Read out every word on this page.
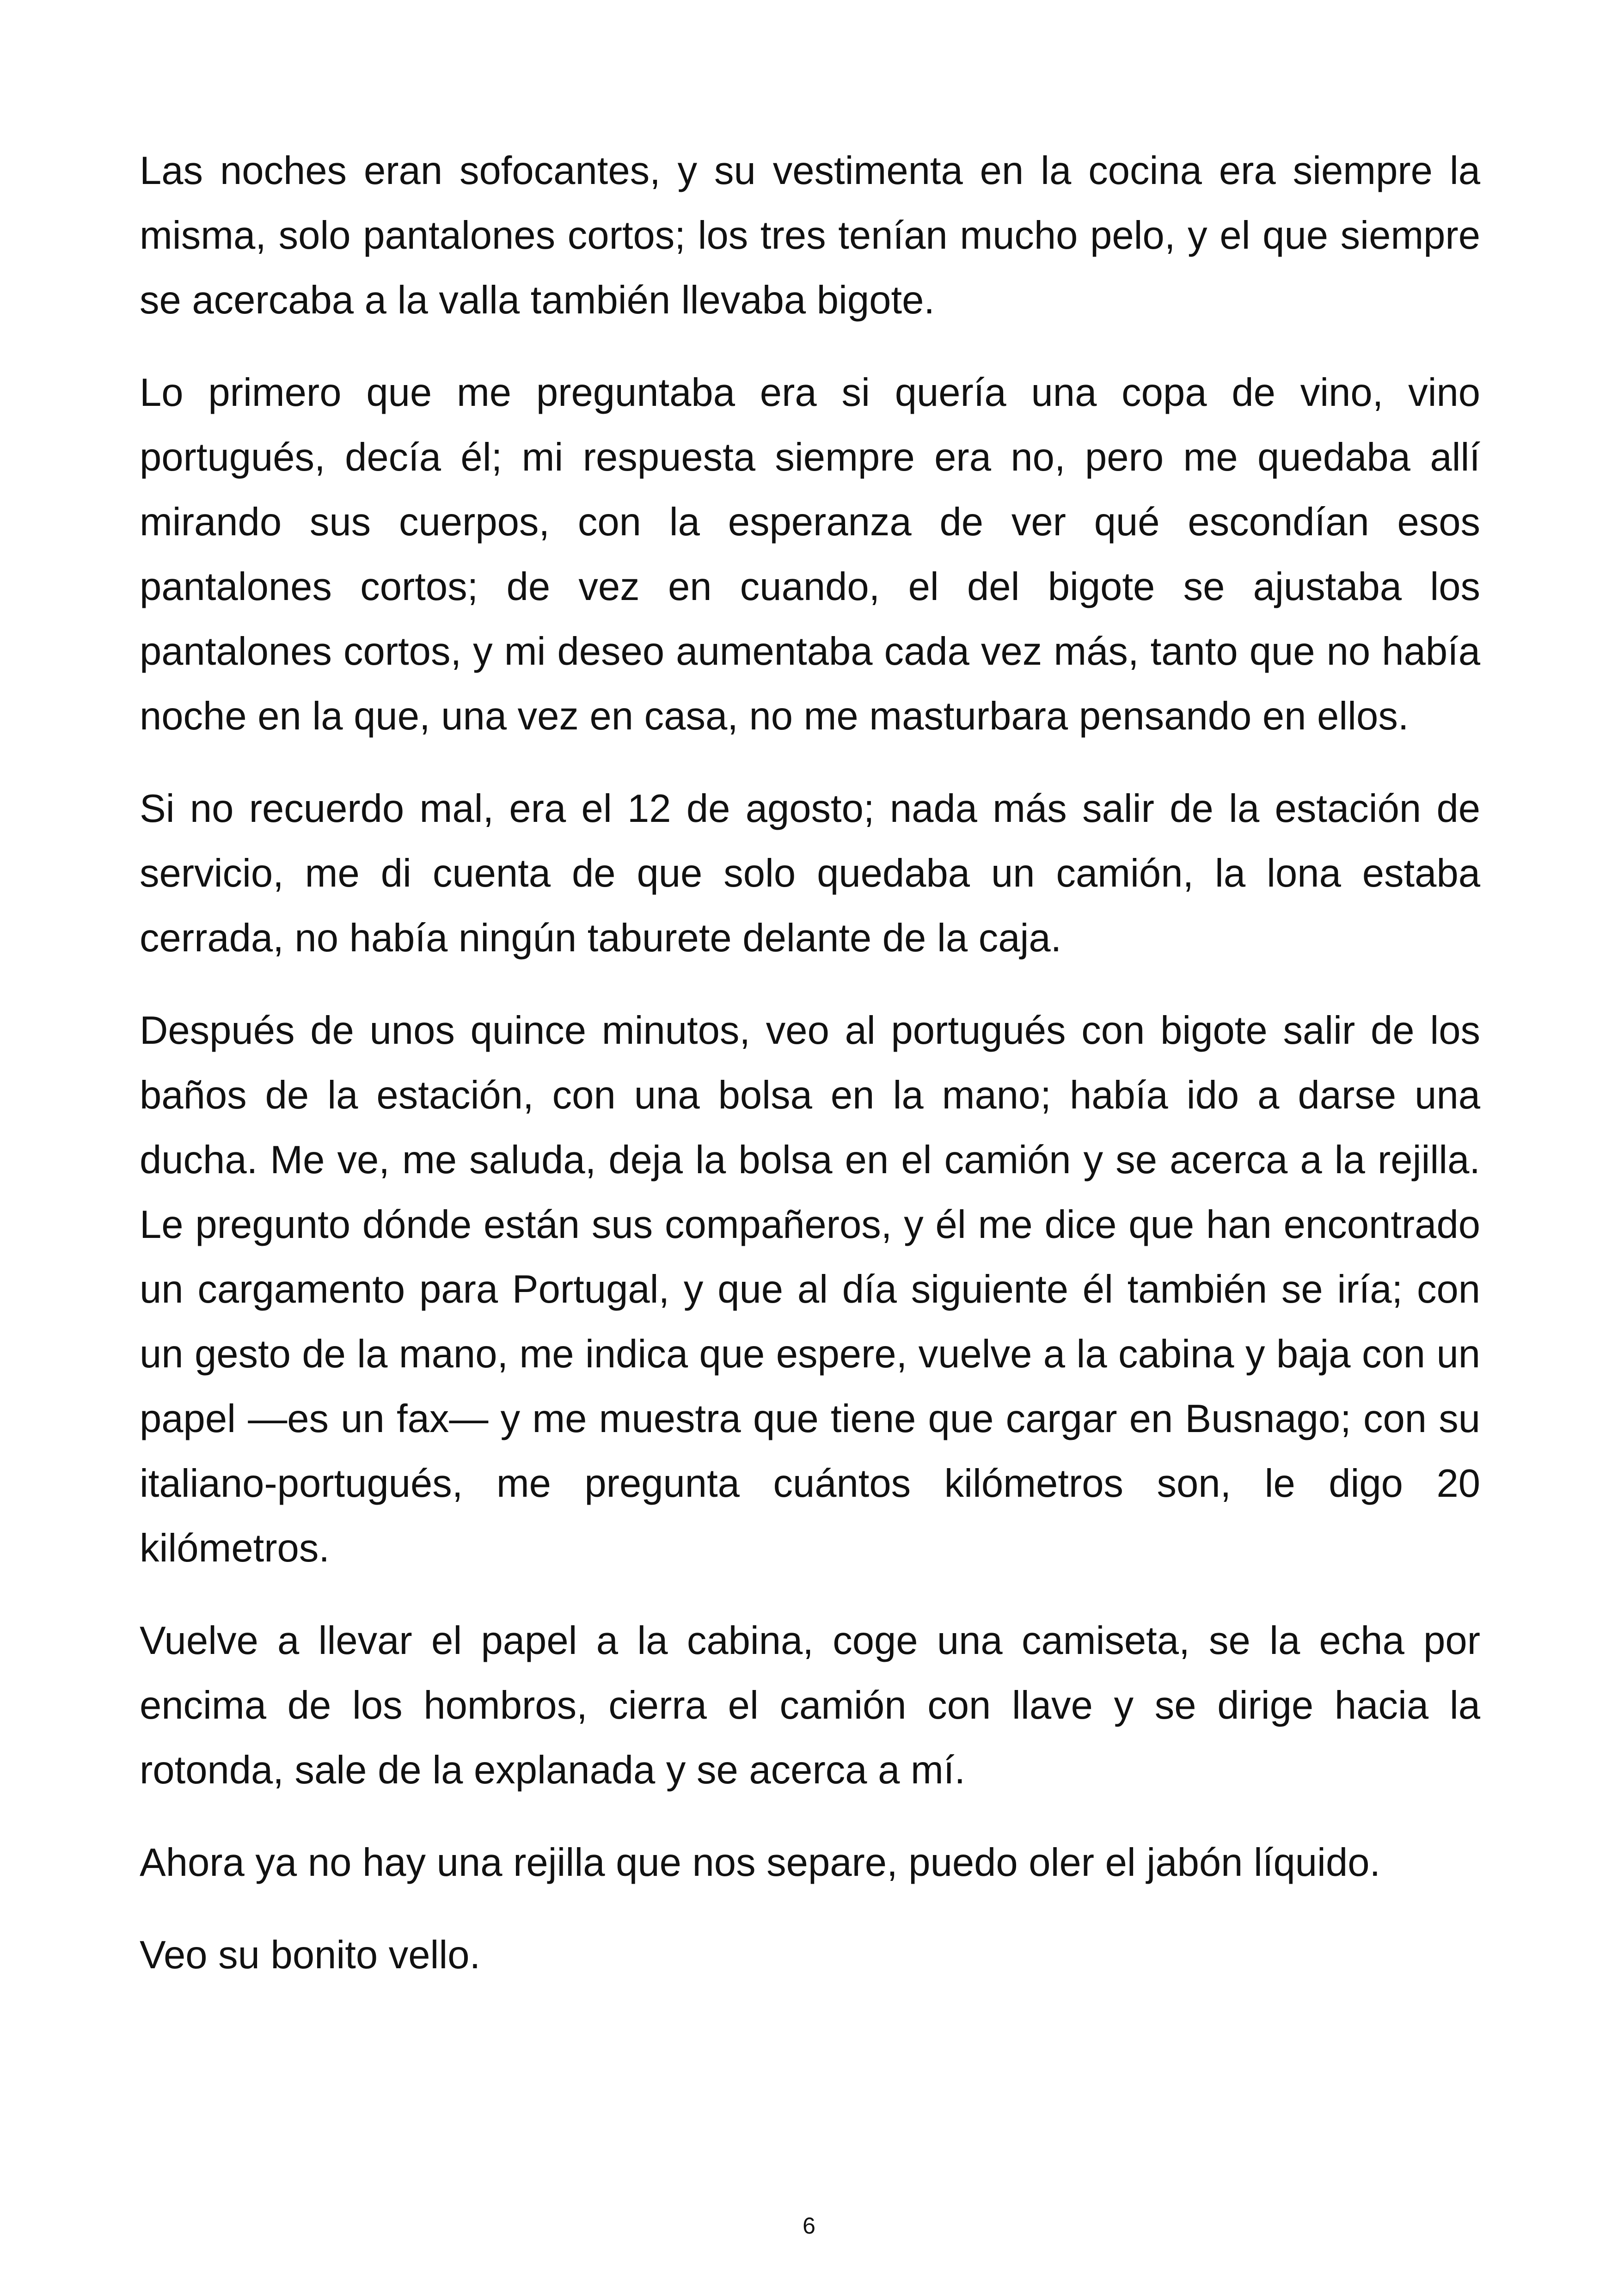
Las noches eran sofocantes, y su vestimenta en la cocina era siempre la misma, solo pantalones cortos; los tres tenían mucho pelo, y el que siempre se acercaba a la valla también llevaba bigote.

Lo primero que me preguntaba era si quería una copa de vino, vino portugués, decía él; mi respuesta siempre era no, pero me quedaba allí mirando sus cuerpos, con la esperanza de ver qué escondían esos pantalones cortos; de vez en cuando, el del bigote se ajustaba los pantalones cortos, y mi deseo aumentaba cada vez más, tanto que no había noche en la que, una vez en casa, no me masturbara pensando en ellos.

Si no recuerdo mal, era el 12 de agosto; nada más salir de la estación de servicio, me di cuenta de que solo quedaba un camión, la lona estaba cerrada, no había ningún taburete delante de la caja.

Después de unos quince minutos, veo al portugués con bigote salir de los baños de la estación, con una bolsa en la mano; había ido a darse una ducha. Me ve, me saluda, deja la bolsa en el camión y se acerca a la rejilla. Le pregunto dónde están sus compañeros, y él me dice que han encontrado un cargamento para Portugal, y que al día siguiente él también se iría; con un gesto de la mano, me indica que espere, vuelve a la cabina y baja con un papel —es un fax— y me muestra que tiene que cargar en Busnago; con su italiano-portugués, me pregunta cuántos kilómetros son, le digo 20 kilómetros.

Vuelve a llevar el papel a la cabina, coge una camiseta, se la echa por encima de los hombros, cierra el camión con llave y se dirige hacia la rotonda, sale de la explanada y se acerca a mí.

Ahora ya no hay una rejilla que nos separe, puedo oler el jabón líquido.

Veo su bonito vello.

6
